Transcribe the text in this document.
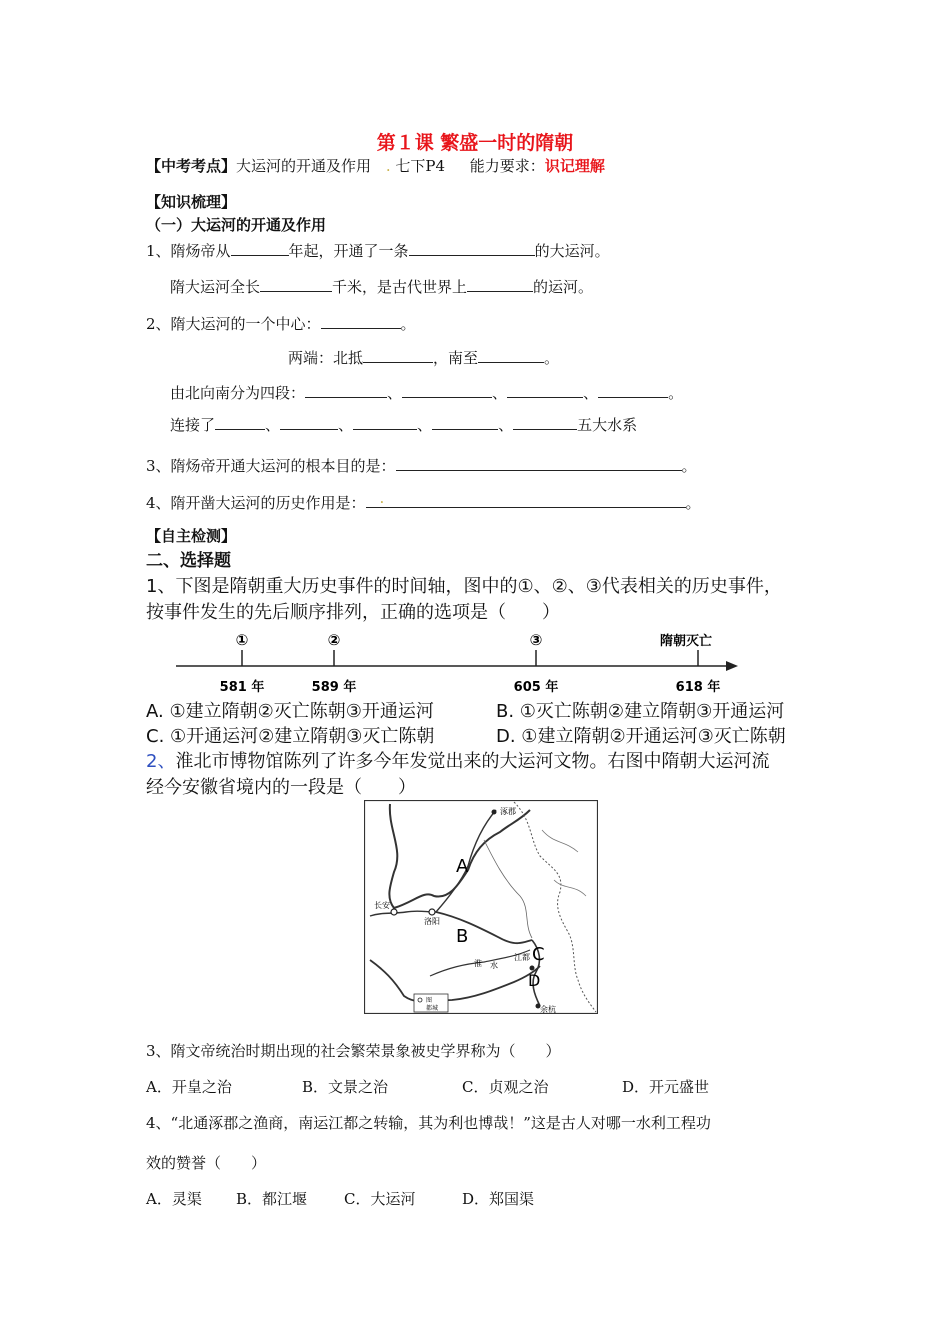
第１课 繁盛一时的隋朝
【中考考点】大运河的开通及作用 . 七下P4 能力要求：识记理解
【知识梳理】
（一）大运河的开通及作用
1、隋炀帝从	年起，开通了一条	的大运河。
隋大运河全长	千米，是古代世界上	的运河。
2、隋大运河的一个中心：	。
两端：北抵	，南至	。
由北向南分为四段：	、	、	、	。
连接了	、	、	、	、	五大水系
3、隋炀帝开通大运河的根本目的是：	。
4、隋开凿大运河的历史作用是： .	。
【自主检测】
二、选择题
1、下图是隋朝重大历史事件的时间轴，图中的①、②、③代表相关的历史事件，
按事件发生的先后顺序排列，正确的选项是（　　）
①	②	③	隋朝灭亡
581 年	589 年	605 年	618 年
A. ①建立隋朝②灭亡陈朝③开通运河	B. ①灭亡陈朝②建立隋朝③开通运河
C. ①开通运河②建立隋朝③灭亡陈朝	D. ①建立隋朝②开通运河③灭亡陈朝
2、淮北市博物馆陈列了许多今年发觉出来的大运河文物。右图中隋朝大运河流
经今安徽省境内的一段是（　　）
涿郡
长安
洛阳
淮 水
江都
余杭
A
B
C
D
图
都城
3、隋文帝统治时期出现的社会繁荣景象被史学界称为（　　）
A．开皇之治	B．文景之治	C．贞观之治	D．开元盛世
4、“北通涿郡之渔商，南运江都之转输，其为利也博哉！”这是古人对哪一水利工程功
效的赞誉（　　）
A．灵渠 B．都江堰 C．大运河	D．郑国渠
